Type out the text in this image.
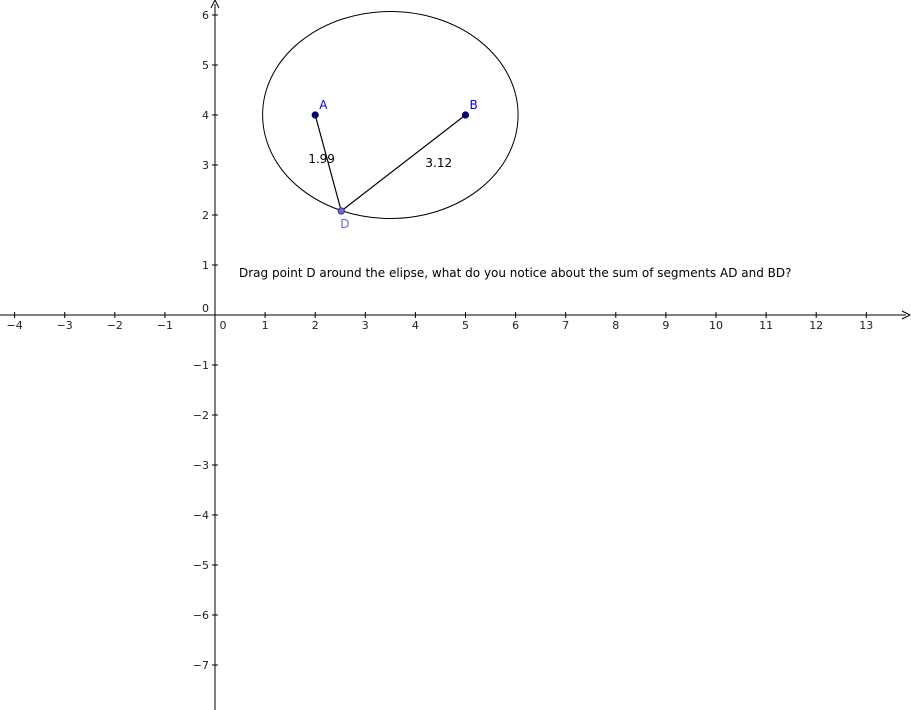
−4	−3	−2	−1	0	1	2	3	4	5	6	7	8	9	10	11	12	13
6
5
4
3
2
1
0
−1
−2
−3
−4
−5
−6
−7
1.99	3.12
A	B
D
Drag point D around the elipse, what do you notice about the sum of segments AD and BD?
